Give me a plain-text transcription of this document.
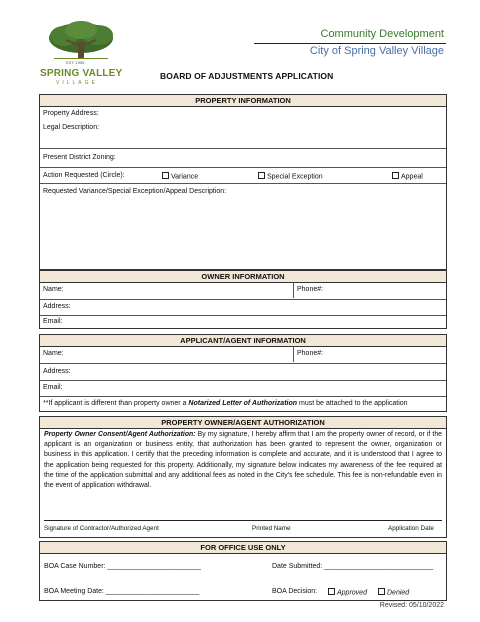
EST. 1955
SPRING VALLEY
VILLAGE
Community Development
City of Spring Valley Village
BOARD OF ADJUSTMENTS APPLICATION
PROPERTY INFORMATION
Property Address:
Legal Description:
Present District Zoning:
Action Requested (Circle):	Variance	Special Exception	Appeal
Requested Variance/Special Exception/Appeal Description:
OWNER INFORMATION
Name:	Phone#:
Address:
Email:
APPLICANT/AGENT INFORMATION
Name:	Phone#:
Address:
Email:
**If applicant is different than property owner a Notarized Letter of Authorization must be attached to the application
PROPERTY OWNER/AGENT AUTHORIZATION
Property Owner Consent/Agent Authorization: By my signature, I hereby affirm that I am the property owner of record, or if the applicant is an organization or business entity, that authorization has been granted to represent the owner, organization or business in this application. I certify that the preceding information is complete and accurate, and it is understood that I agree to the application being requested for this property. Additionally, my signature below indicates my awareness of the fee required at the time of the application submittal and any additional fees as noted in the City's fee schedule. This fee is non-refundable even in the event of application withdrawal.
Signature of Contractor/Authorized Agent	Printed Name	Application Date
FOR OFFICE USE ONLY
BOA Case Number: ________________________	Date Submitted: ____________________________
BOA Meeting Date: ________________________	BOA Decision:	Approved	Denied
Revised: 05/10/2022
